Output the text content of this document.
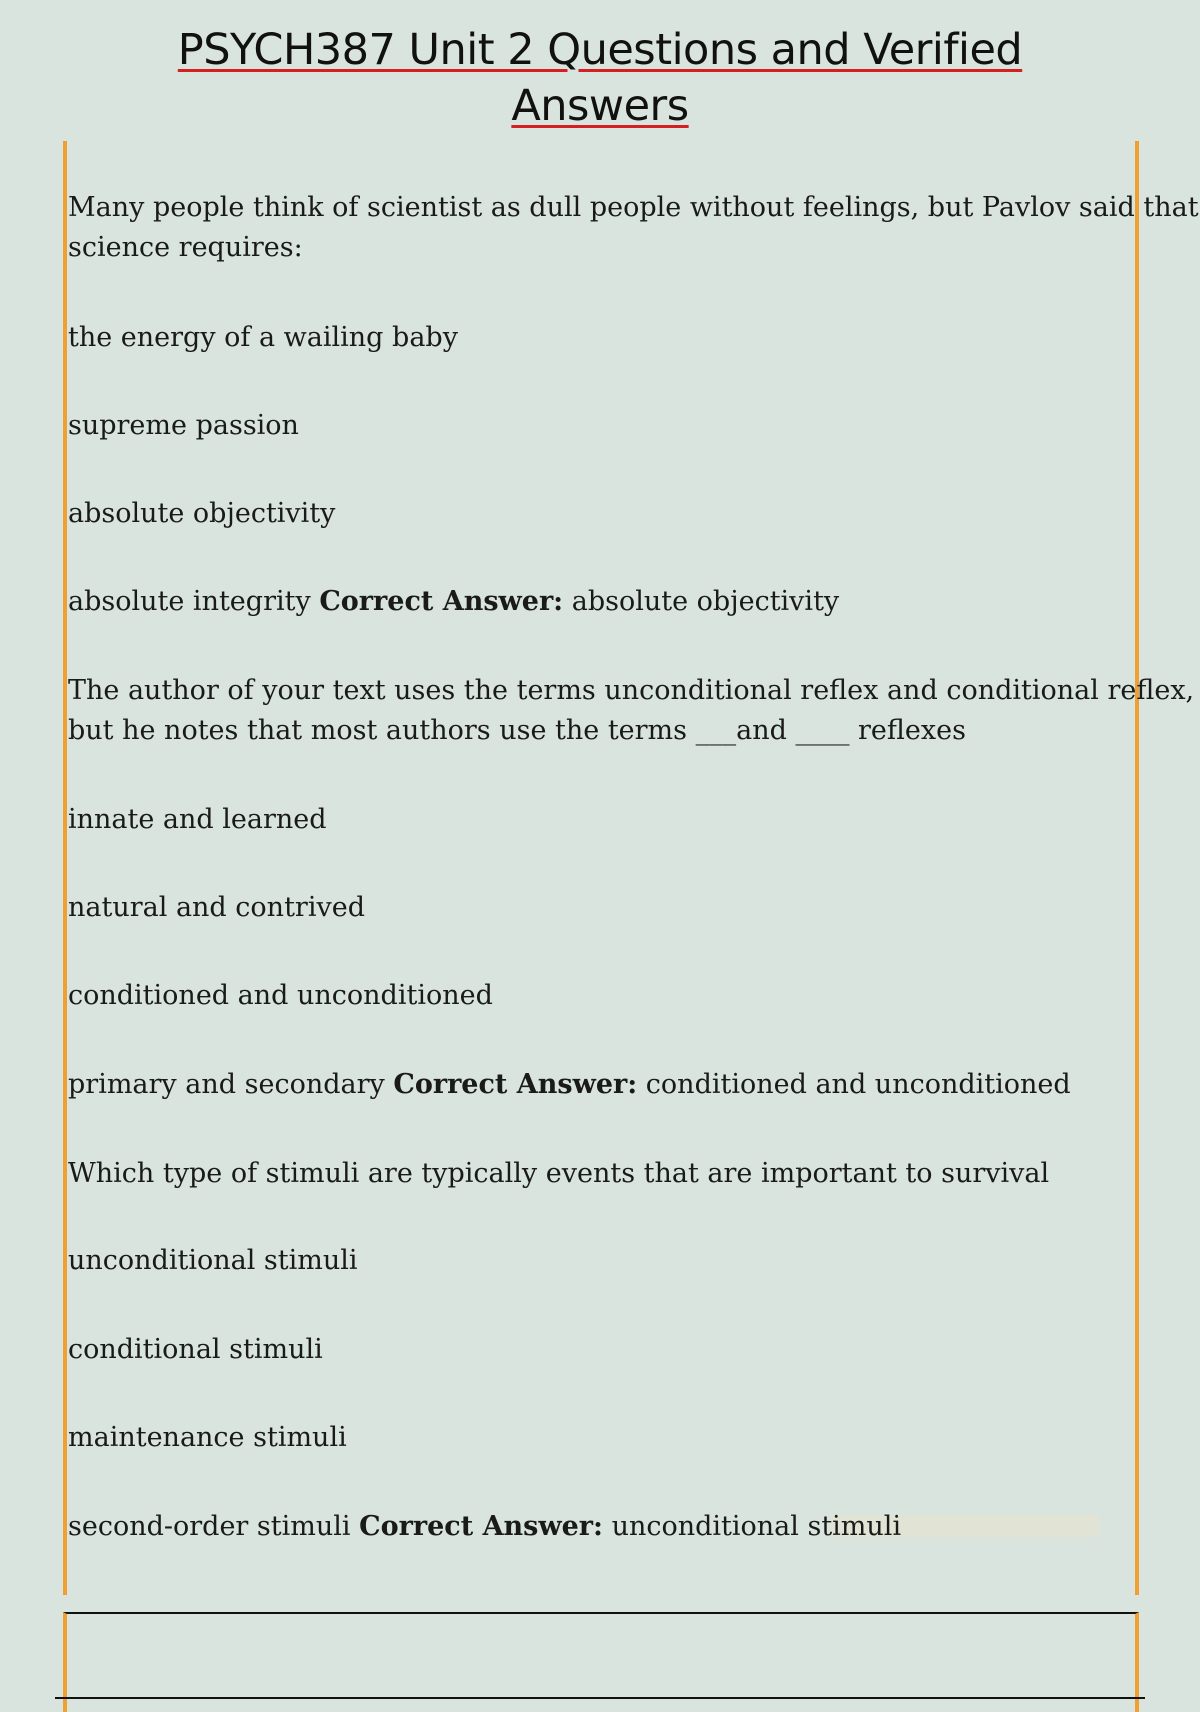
PSYCH387 Unit 2 Questions and Verified
Answers
Many people think of scientist as dull people without feelings, but Pavlov said that
science requires:
the energy of a wailing baby
supreme passion
absolute objectivity
absolute integrity Correct Answer: absolute objectivity
The author of your text uses the terms unconditional reflex and conditional reflex,
but he notes that most authors use the terms ___and ____ reflexes
innate and learned
natural and contrived
conditioned and unconditioned
primary and secondary Correct Answer: conditioned and unconditioned
Which type of stimuli are typically events that are important to survival
unconditional stimuli
conditional stimuli
maintenance stimuli
second-order stimuli Correct Answer: unconditional stimuli
